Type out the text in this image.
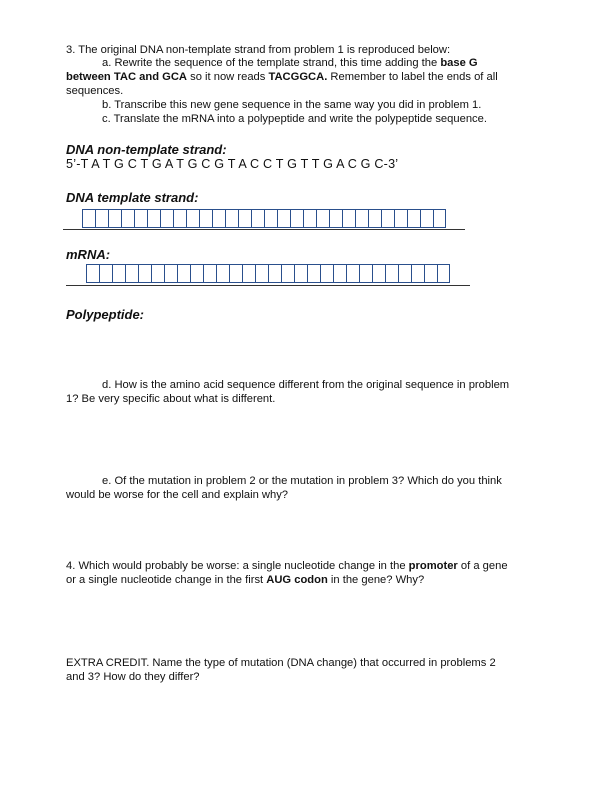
3. The original DNA non-template strand from problem 1 is reproduced below:
a. Rewrite the sequence of the template strand, this time adding the base G
between TAC and GCA so it now reads TACGGCA. Remember to label the ends of all
sequences.
b. Transcribe this new gene sequence in the same way you did in problem 1.
c. Translate the mRNA into a polypeptide and write the polypeptide sequence.
DNA non-template strand:
5’-T A T G C T G A T G C G T A C C T G T T G A C G C-3’
DNA template strand:
mRNA:
Polypeptide:
d. How is the amino acid sequence different from the original sequence in problem
1? Be very specific about what is different.
e. Of the mutation in problem 2 or the mutation in problem 3? Which do you think
would be worse for the cell and explain why?
4. Which would probably be worse: a single nucleotide change in the promoter of a gene
or a single nucleotide change in the first AUG codon in the gene? Why?
EXTRA CREDIT. Name the type of mutation (DNA change) that occurred in problems 2
and 3? How do they differ?
